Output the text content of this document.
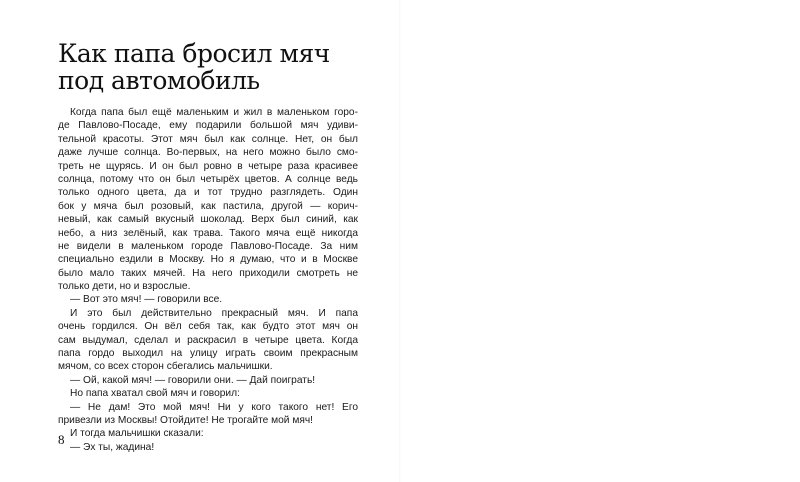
Как папа бросил мяч
под автомобиль
Когда папа был ещё маленьким и жил в маленьком горо-
де Павлово-Посаде, ему подарили большой мяч удиви-
тельной красоты. Этот мяч был как солнце. Нет, он был
даже лучше солнца. Во-первых, на него можно было смо-
треть не щурясь. И он был ровно в четыре раза красивее
солнца, потому что он был четырёх цветов. А солнце ведь
только одного цвета, да и тот трудно разглядеть. Один
бок у мяча был розовый, как пастила, другой — корич-
невый, как самый вкусный шоколад. Верх был синий, как
небо, а низ зелёный, как трава. Такого мяча ещё никогда
не видели в маленьком городе Павлово-Посаде. За ним
специально ездили в Москву. Но я думаю, что и в Москве
было мало таких мячей. На него приходили смотреть не
только дети, но и взрослые.
— Вот это мяч! — говорили все.
И это был действительно прекрасный мяч. И папа
очень гордился. Он вёл себя так, как будто этот мяч он
сам выдумал, сделал и раскрасил в четыре цвета. Когда
папа гордо выходил на улицу играть своим прекрасным
мячом, со всех сторон сбегались мальчишки.
— Ой, какой мяч! — говорили они. — Дай поиграть!
Но папа хватал свой мяч и говорил:
— Не дам! Это мой мяч! Ни у кого такого нет! Его
привезли из Москвы! Отойдите! Не трогайте мой мяч!
И тогда мальчишки сказали:
— Эх ты, жадина!
8
